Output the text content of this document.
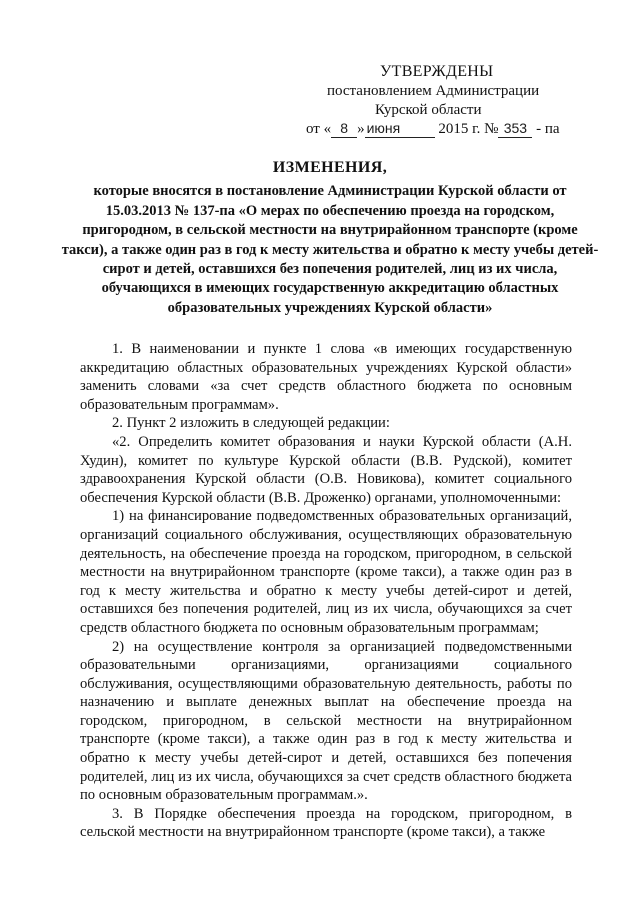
УТВЕРЖДЕНЫ
постановлением Администрации
Курской области
от « 8 » июня	2015 г. № 353 - па
ИЗМЕНЕНИЯ,
которые вносятся в постановление Администрации Курской области от 15.03.2013 № 137-па «О мерах по обеспечению проезда на городском, пригородном, в сельской местности на внутрирайонном транспорте (кроме такси), а также один раз в год к месту жительства и обратно к месту учебы детей-сирот и детей, оставшихся без попечения родителей, лиц из их числа, обучающихся в имеющих государственную аккредитацию областных образовательных учреждениях Курской области»

1. В наименовании и пункте 1 слова «в имеющих государственную аккредитацию областных образовательных учреждениях Курской области» заменить словами «за счет средств областного бюджета по основным образовательным программам».

2. Пункт 2 изложить в следующей редакции:

«2. Определить комитет образования и науки Курской области (А.Н. Худин), комитет по культуре Курской области (В.В. Рудской), комитет здравоохранения Курской области (О.В. Новикова), комитет социального обеспечения Курской области (В.В. Дроженко) органами, уполномоченными:

1) на финансирование подведомственных образовательных организаций, организаций социального обслуживания, осуществляющих образовательную деятельность, на обеспечение проезда на городском, пригородном, в сельской местности на внутрирайонном транспорте (кроме такси), а также один раз в год к месту жительства и обратно к месту учебы детей-сирот и детей, оставшихся без попечения родителей, лиц из их числа, обучающихся за счет средств областного бюджета по основным образовательным программам;

2) на осуществление контроля за организацией подведомственными образовательными организациями, организациями социального обслуживания, осуществляющими образовательную деятельность, работы по назначению и выплате денежных выплат на обеспечение проезда на городском, пригородном, в сельской местности на внутрирайонном транспорте (кроме такси), а также один раз в год к месту жительства и обратно к месту учебы детей-сирот и детей, оставшихся без попечения родителей, лиц из их числа, обучающихся за счет средств областного бюджета по основным образовательным программам.».

3. В Порядке обеспечения проезда на городском, пригородном, в сельской местности на внутрирайонном транспорте (кроме такси), а также
